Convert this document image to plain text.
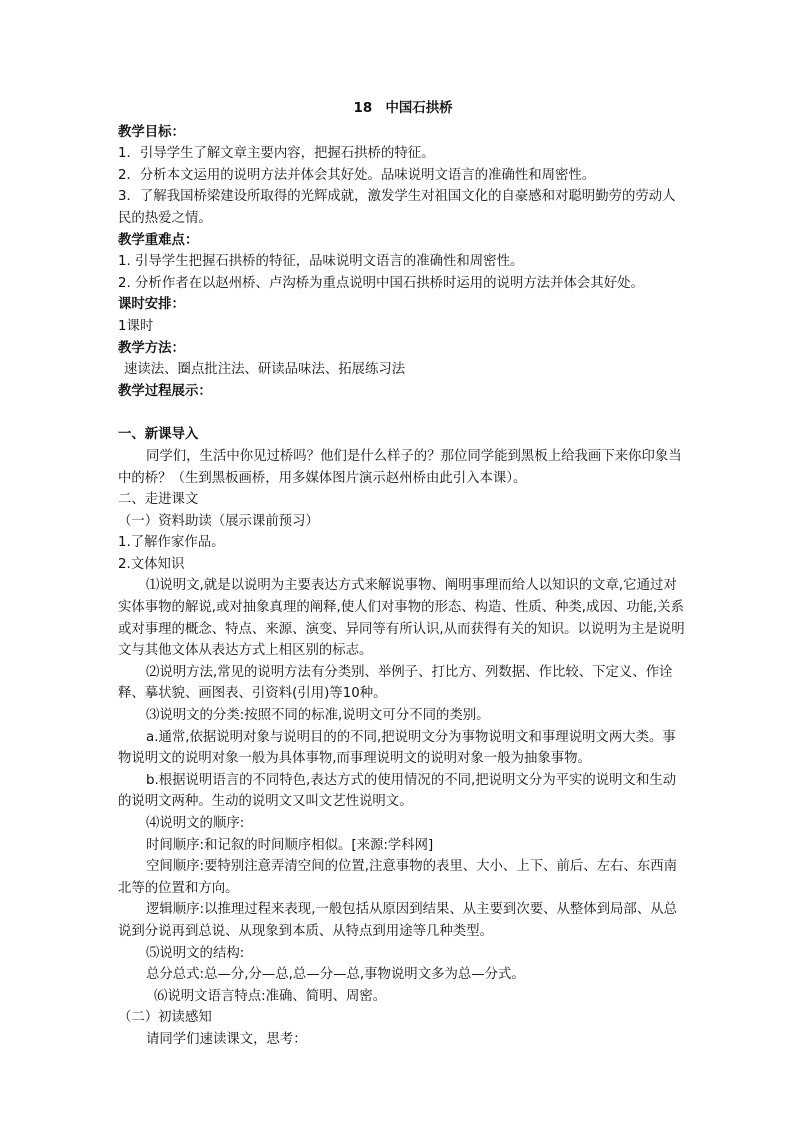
18　中国石拱桥

教学目标：

1．引导学生了解文章主要内容，把握石拱桥的特征。

2．分析本文运用的说明方法并体会其好处。品味说明文语言的准确性和周密性。

3．了解我国桥梁建设所取得的光辉成就，激发学生对祖国文化的自豪感和对聪明勤劳的劳动人民的热爱之情。

教学重难点：

1. 引导学生把握石拱桥的特征，品味说明文语言的准确性和周密性。

2. 分析作者在以赵州桥、卢沟桥为重点说明中国石拱桥时运用的说明方法并体会其好处。

课时安排：

1课时

教学方法：

速读法、圈点批注法、研读品味法、拓展练习法

教学过程展示：

一、新课导入

同学们，生活中你见过桥吗？他们是什么样子的？那位同学能到黑板上给我画下来你印象当中的桥？（生到黑板画桥，用多媒体图片演示赵州桥由此引入本课）。

二、走进课文

（一）资料助读（展示课前预习）

1.了解作家作品。

2.文体知识

⑴说明文,就是以说明为主要表达方式来解说事物、阐明事理而给人以知识的文章,它通过对实体事物的解说,或对抽象真理的阐释,使人们对事物的形态、构造、性质、种类,成因、功能,关系或对事理的概念、特点、来源、演变、异同等有所认识,从而获得有关的知识。以说明为主是说明文与其他文体从表达方式上相区别的标志。

⑵说明方法,常见的说明方法有分类别、举例子、打比方、列数据、作比较、下定义、作诠释、摹状貌、画图表、引资料(引用)等10种。

⑶说明文的分类:按照不同的标准,说明文可分不同的类别。

a.通常,依据说明对象与说明目的的不同,把说明文分为事物说明文和事理说明文两大类。事物说明文的说明对象一般为具体事物,而事理说明文的说明对象一般为抽象事物。

b.根据说明语言的不同特色,表达方式的使用情况的不同,把说明文分为平实的说明文和生动的说明文两种。生动的说明文又叫文艺性说明文。

⑷说明文的顺序:

时间顺序:和记叙的时间顺序相似。[来源:学科网]

空间顺序:要特别注意弄清空间的位置,注意事物的表里、大小、上下、前后、左右、东西南北等的位置和方向。

逻辑顺序:以推理过程来表现,一般包括从原因到结果、从主要到次要、从整体到局部、从总说到分说再到总说、从现象到本质、从特点到用途等几种类型。

⑸说明文的结构:

总分总式:总—分,分—总,总—分—总,事物说明文多为总—分式。

⑹说明文语言特点:准确、简明、周密。

（二）初读感知

请同学们速读课文，思考：
